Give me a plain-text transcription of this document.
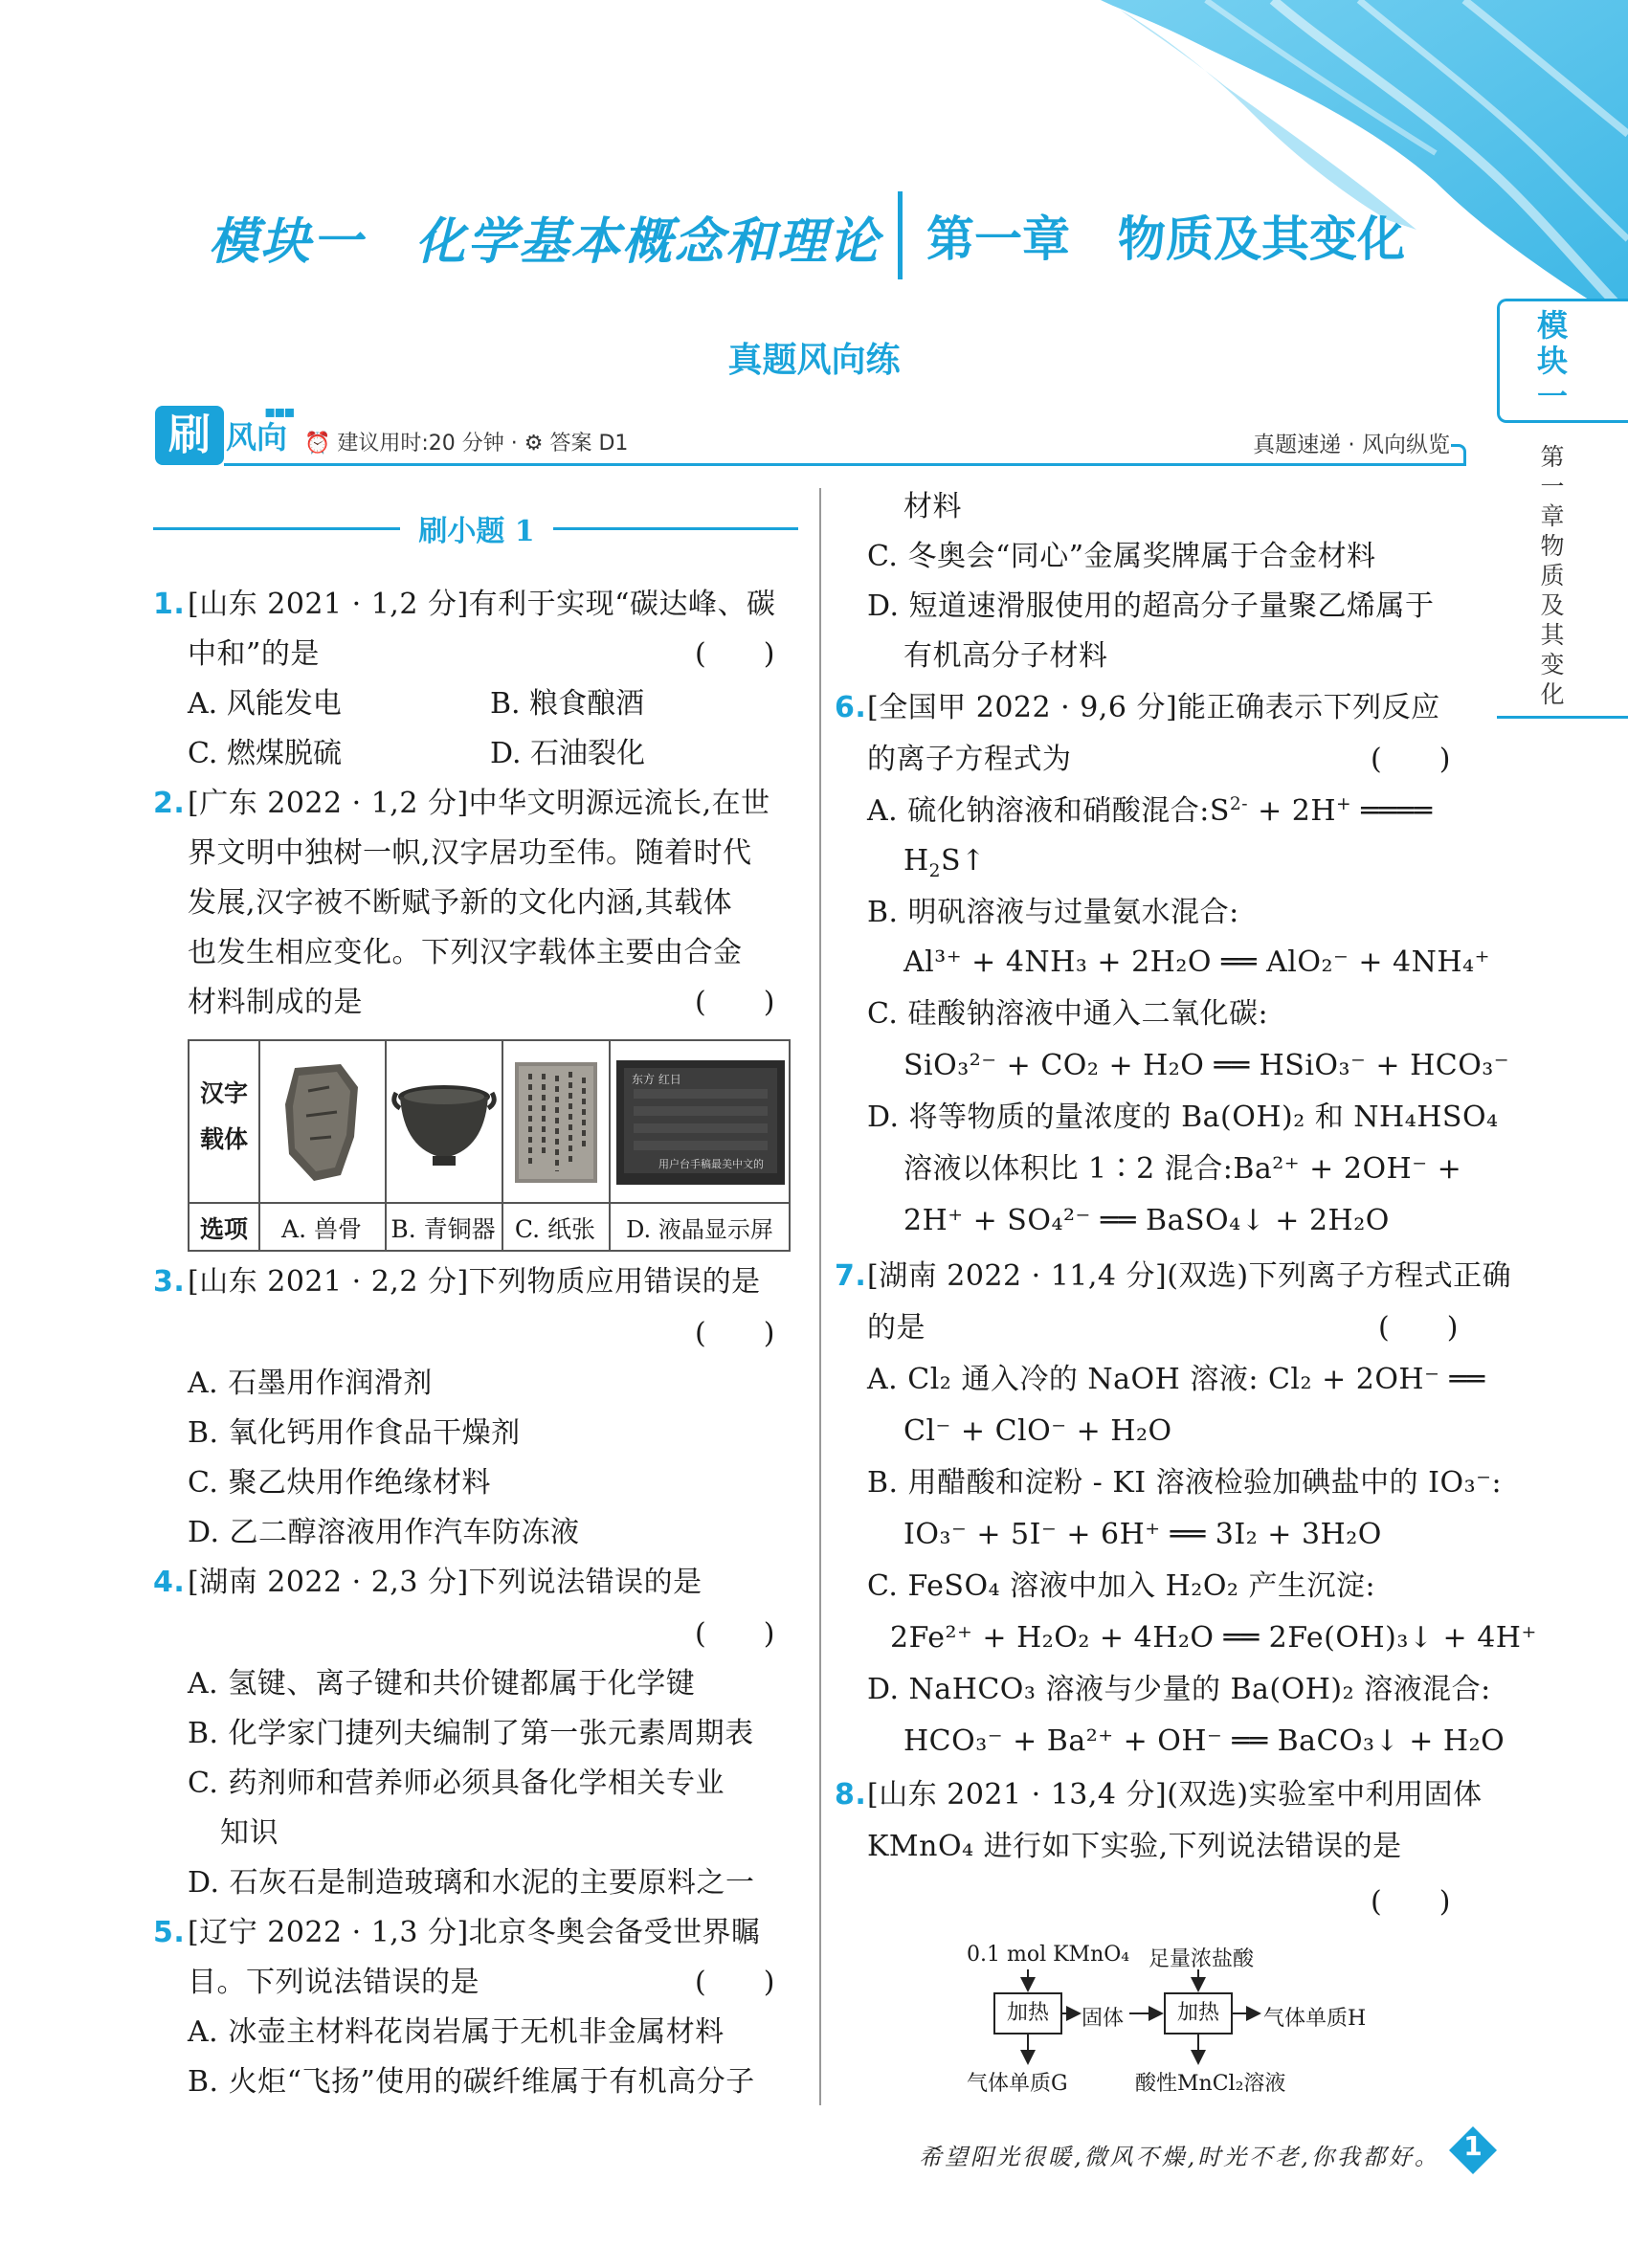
模块一　化学基本概念和理论 第一章　物质及其变化
真题风向练
模块一
第一章　物质及其变化
刷 风向
▪▪▪
⏰ 建议用时:20 分钟 · ⚙ 答案 D1	真题速递 · 风向纵览
刷小题 1
1. [山东 2021 · 1,2 分]有利于实现“碳达峰、碳
中和”的是	(　　)
A. 风能发电	B. 粮食酿酒
C. 燃煤脱硫	D. 石油裂化
2. [广东 2022 · 1,2 分]中华文明源远流长,在世
界文明中独树一帜,汉字居功至伟。随着时代
发展,汉字被不断赋予新的文化内涵,其载体
也发生相应变化。下列汉字载体主要由合金
材料制成的是	(　　)
汉字
载体
选项	A. 兽骨	B. 青铜器 C. 纸张	D. 液晶显示屏
东方 红日
用户台手稿最美中文的
3. [山东 2021 · 2,2 分]下列物质应用错误的是
(　　)
A. 石墨用作润滑剂
B. 氧化钙用作食品干燥剂
C. 聚乙炔用作绝缘材料
D. 乙二醇溶液用作汽车防冻液
4. [湖南 2022 · 2,3 分]下列说法错误的是
(　　)
A. 氢键、离子键和共价键都属于化学键
B. 化学家门捷列夫编制了第一张元素周期表
C. 药剂师和营养师必须具备化学相关专业
知识
D. 石灰石是制造玻璃和水泥的主要原料之一
5. [辽宁 2022 · 1,3 分]北京冬奥会备受世界瞩
目。下列说法错误的是	(　　)
A. 冰壶主材料花岗岩属于无机非金属材料
B. 火炬“飞扬”使用的碳纤维属于有机高分子
材料
C. 冬奥会“同心”金属奖牌属于合金材料
D. 短道速滑服使用的超高分子量聚乙烯属于
有机高分子材料
6. [全国甲 2022 · 9,6 分]能正确表示下列反应
的离子方程式为	(　　)
A. 硫化钠溶液和硝酸混合$:S^{2-} + 2H^+$ ════
$H_2S↑$
B. 明矾溶液与过量氨水混合:
Al³⁺ + 4NH₃ + 2H₂O ══ AlO₂⁻ + 4NH₄⁺
C. 硅酸钠溶液中通入二氧化碳:
SiO₃²⁻ + CO₂ + H₂O ══ HSiO₃⁻ + HCO₃⁻
D. 将等物质的量浓度的 Ba(OH)₂ 和 NH₄HSO₄
溶液以体积比 1∶2 混合:Ba²⁺ + 2OH⁻ +
2H⁺ + SO₄²⁻ ══ BaSO₄↓ + 2H₂O
7. [湖南 2022 · 11,4 分](双选)下列离子方程式正确
的是	(　　)
A. Cl₂ 通入冷的 NaOH 溶液: Cl₂ + 2OH⁻ ══
Cl⁻ + ClO⁻ + H₂O
B. 用醋酸和淀粉 - KI 溶液检验加碘盐中的 IO₃⁻:
IO₃⁻ + 5I⁻ + 6H⁺ ══ 3I₂ + 3H₂O
C. FeSO₄ 溶液中加入 H₂O₂ 产生沉淀:
2Fe²⁺ + H₂O₂ + 4H₂O ══ 2Fe(OH)₃↓ + 4H⁺
D. NaHCO₃ 溶液与少量的 Ba(OH)₂ 溶液混合:
HCO₃⁻ + Ba²⁺ + OH⁻ ══ BaCO₃↓ + H₂O
8. [山东 2021 · 13,4 分](双选)实验室中利用固体
KMnO₄ 进行如下实验,下列说法错误的是
(　　)
0.1 mol KMnO₄ 足量浓盐酸
加热	固体	加热	气体单质H
气体单质G	酸性MnCl₂溶液
希望阳光很暖,微风不燥,时光不老,你我都好。 1
